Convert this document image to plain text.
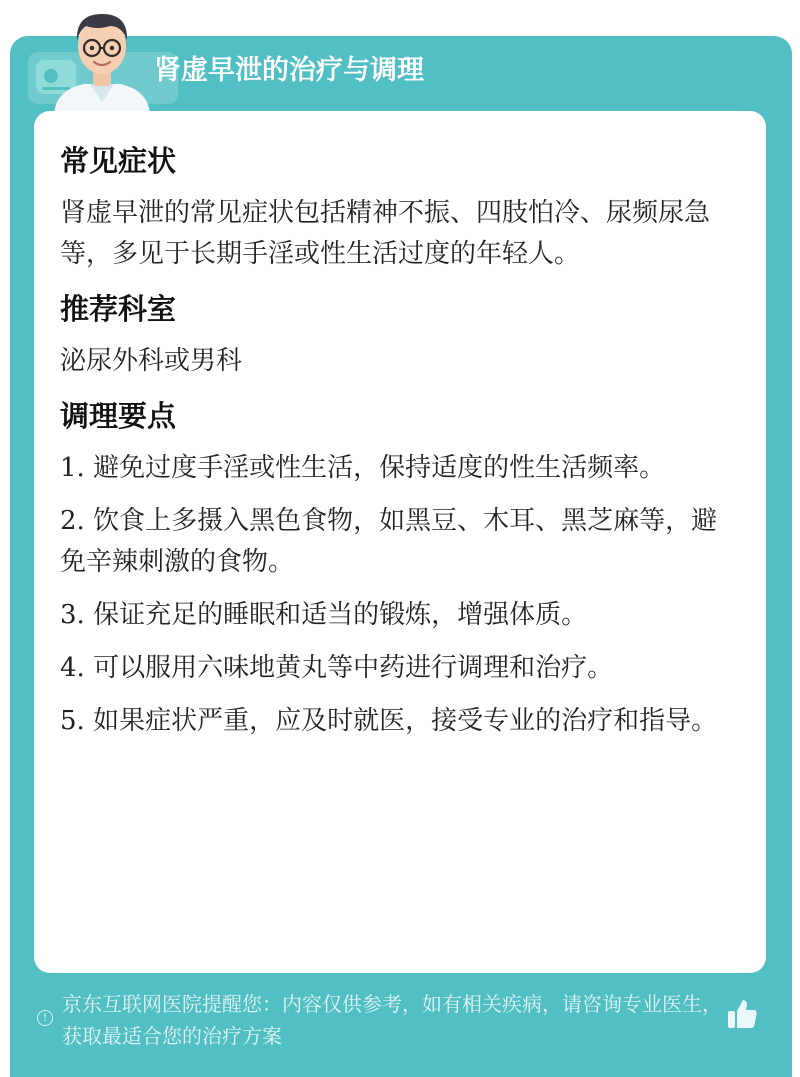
肾虚早泄的治疗与调理
常见症状

肾虚早泄的常见症状包括精神不振、四肢怕冷、尿频尿急等，多见于长期手淫或性生活过度的年轻人。

推荐科室

泌尿外科或男科

调理要点

1. 避免过度手淫或性生活，保持适度的性生活频率。

2. 饮食上多摄入黑色食物，如黑豆、木耳、黑芝麻等，避免辛辣刺激的食物。

3. 保证充足的睡眠和适当的锻炼，增强体质。

4. 可以服用六味地黄丸等中药进行调理和治疗。

5. 如果症状严重，应及时就医，接受专业的治疗和指导。

!
京东互联网医院提醒您：内容仅供参考，如有相关疾病，请咨询专业医生，获取最适合您的治疗方案
